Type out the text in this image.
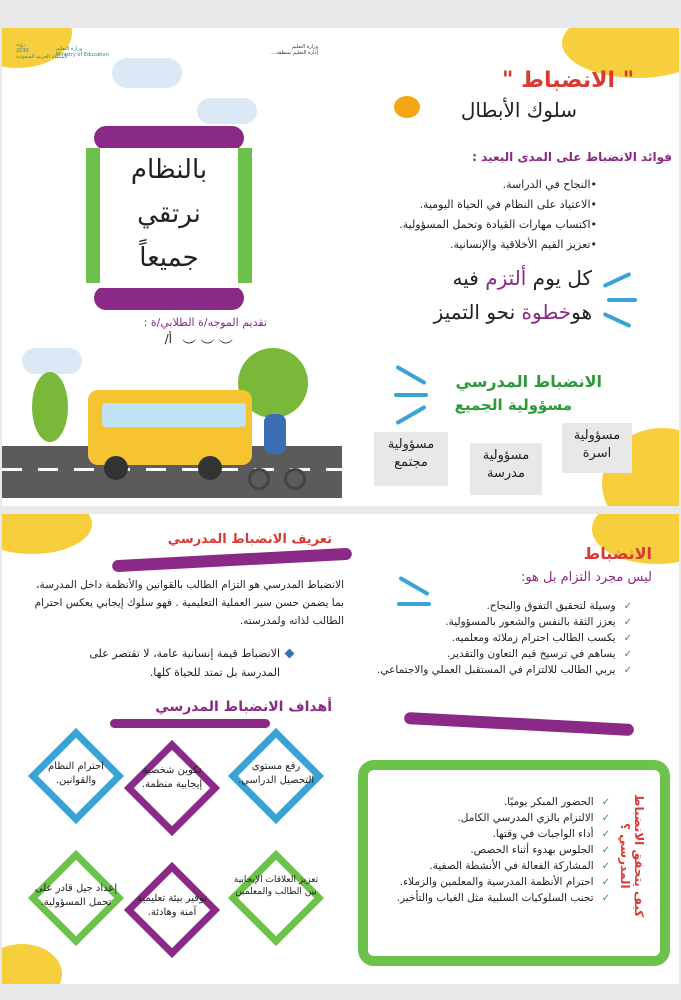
رؤية
2030
المملكة العربية السعودية
وزارة التعليم
Ministry of Education
وزارة التعليم
إدارة التعليم بمنطقة....
" الانضباط "
سلوك الأبطال
فوائد الانضباط على المدى البعيد :
•النجاح في الدراسة.
•الاعتياد على النظام في الحياة اليومية.
•اكتساب مهارات القيادة وتحمل المسؤولية.
•تعزيز القيم الأخلاقية والإنسانية.
كل يوم ألتزم فيه
هوخطوة نحو التميز
الانضباط المدرسي
مسؤولية الجميع
مسؤولية
اسرة
مسؤولية
مدرسة
مسؤولية
مجتمع
بالنظام
نرتقي
جميعاً
تقديم الموجه/ة الطلابي/ة :
أ/ ︶ ︶ ︶
تعريف الانضباط المدرسي
الانضباط المدرسي هو التزام الطالب بالقوانين والأنظمة داخل المدرسة، بما يضمن حسن سير العملية التعليمية . فهو سلوك إيجابي يعكس احترام الطالب لذاته ولمدرسته.
الانضباط قيمة إنسانية عامة، لا تقتصر على المدرسة بل تمتد للحياة كلها.
أهداف الانضباط المدرسي
رفع مستوى التحصيل الدراسي.
تكوين شخصية إيجابية منظمة.
احترام النظام والقوانين.
تعزيز العلاقات الإيجابية بين الطالب والمعلمين
توفير بيئة تعليمية آمنة وهادئة.
إعداد جيل قادر على تحمل المسؤولية.
الانضباط
ليس مجرد التزام بل هو:
✓ وسيلة لتحقيق التفوق والنجاح.
✓ يعزز الثقة بالنفس والشعور بالمسؤولية.
✓ يكسب الطالب احترام زملائه ومعلميه.
✓ يساهم في ترسيخ قيم التعاون والتقدير.
✓ يربي الطالب للالتزام في المستقبل العملي والاجتماعي.
كيف يتحقق الانضباط المدرسي ؟
✓ الحضور المبكر يوميًا.
✓ الالتزام بالزي المدرسي الكامل.
✓ أداء الواجبات في وقتها.
✓ الجلوس بهدوء أثناء الحصص.
✓ المشاركة الفعالة في الأنشطة الصفية.
✓ احترام الأنظمة المدرسية والمعلمين والزملاء.
✓ تجنب السلوكيات السلبية مثل الغياب والتأخير.
